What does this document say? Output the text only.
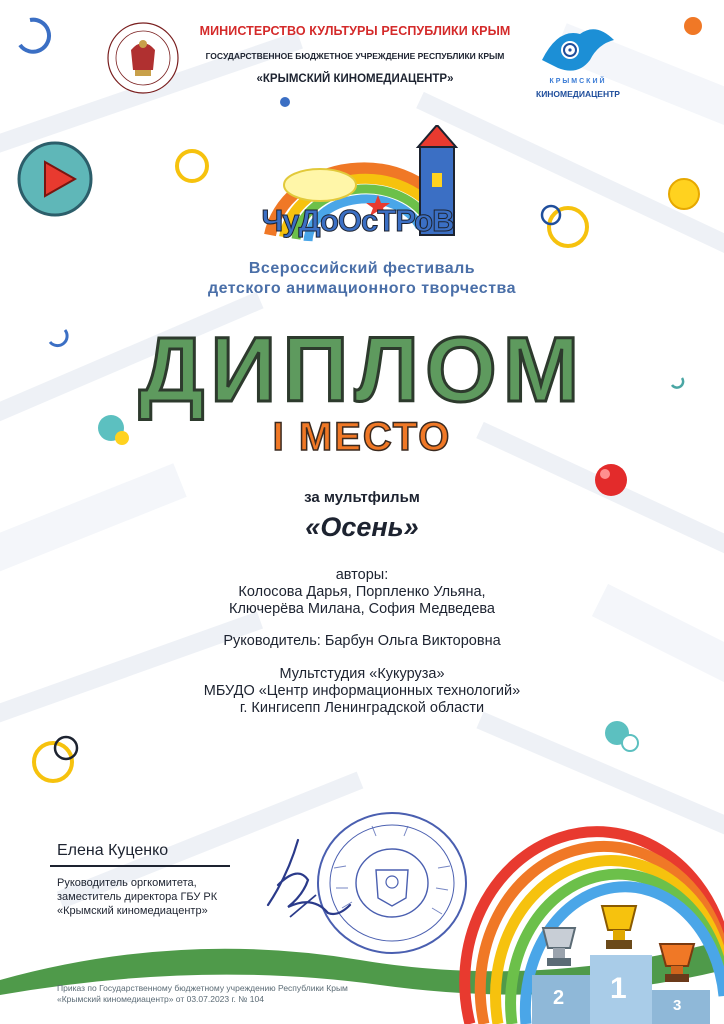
КРЫМСКИЙ
КИНОМЕДИАЦЕНТР
МИНИСТЕРСТВО КУЛЬТУРЫ РЕСПУБЛИКИ КРЫМ
ГОСУДАРСТВЕННОЕ БЮДЖЕТНОЕ УЧРЕЖДЕНИЕ РЕСПУБЛИКИ КРЫМ
«КРЫМСКИЙ КИНОМЕДИАЦЕНТР»
ЧуДоОсТРоВ
Всероссийский фестиваль
детского анимационного творчества
ДИПЛОМ
I МЕСТО
за мультфильм
«Осень»
авторы:
Колосова Дарья, Порпленко Ульяна,
Ключерёва Милана, София Медведева
Руководитель: Барбун Ольга Викторовна
Мультстудия «Кукуруза»
МБУДО «Центр информационных технологий»
г. Кингисепп Ленинградской области
Елена Куценко
Руководитель оргкомитета,
заместитель директора ГБУ РК
«Крымский киномедиацентр»
2 1
3
Приказ по Государственному бюджетному учреждению Республики Крым
«Крымский киномедиацентр» от 03.07.2023 г. № 104
